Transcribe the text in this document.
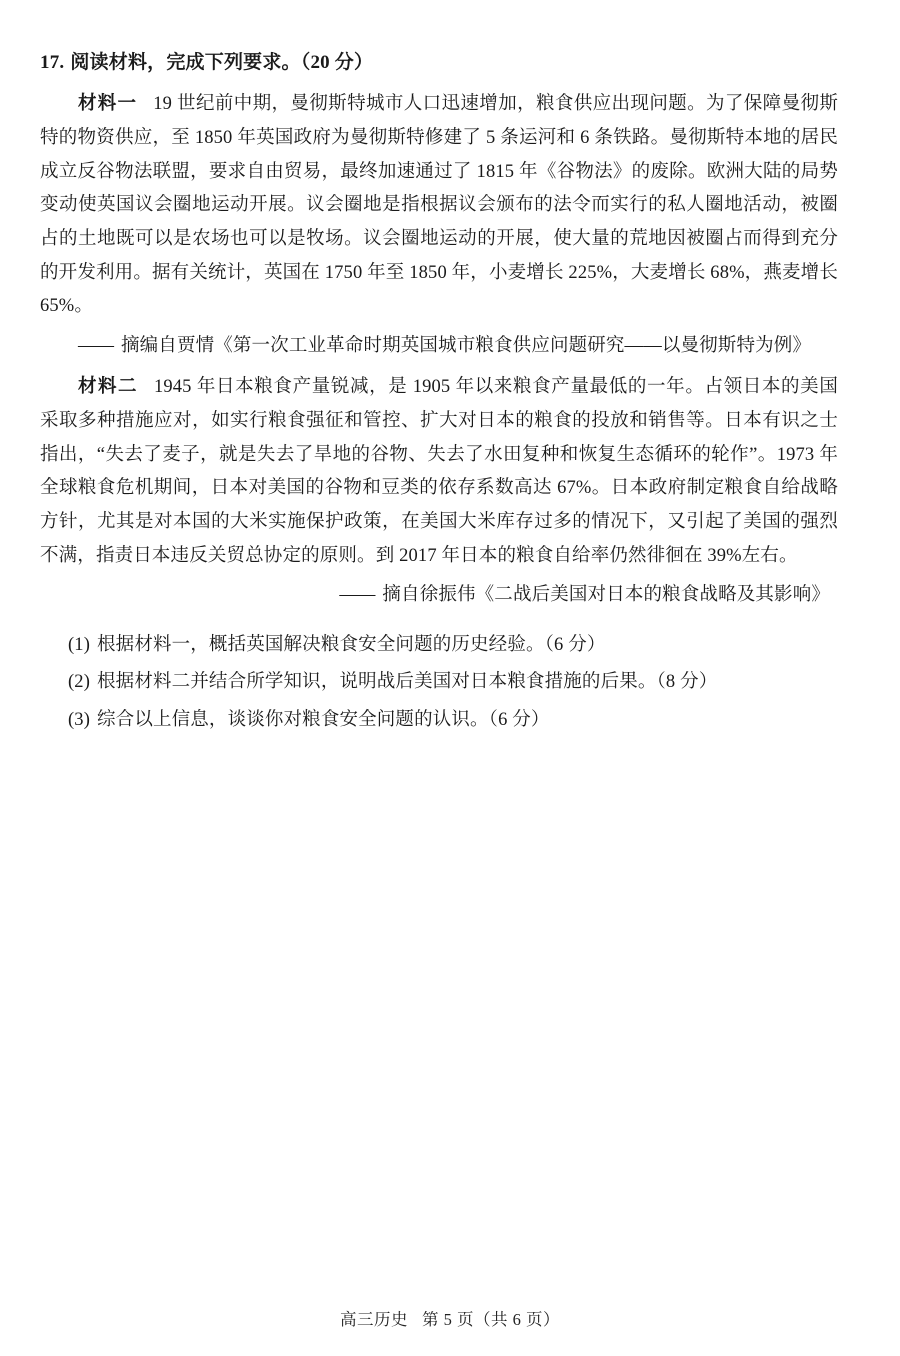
17. 阅读材料，完成下列要求。（20 分）

材料一 19 世纪前中期，曼彻斯特城市人口迅速增加，粮食供应出现问题。为了保障曼彻斯特的物资供应，至 1850 年英国政府为曼彻斯特修建了 5 条运河和 6 条铁路。曼彻斯特本地的居民成立反谷物法联盟，要求自由贸易，最终加速通过了 1815 年《谷物法》的废除。欧洲大陆的局势变动使英国议会圈地运动开展。议会圈地是指根据议会颁布的法令而实行的私人圈地活动，被圈占的土地既可以是农场也可以是牧场。议会圈地运动的开展，使大量的荒地因被圈占而得到充分的开发利用。据有关统计，英国在 1750 年至 1850 年，小麦增长 225%，大麦增长 68%，燕麦增长 65%。

—— 摘编自贾情《第一次工业革命时期英国城市粮食供应问题研究——以曼彻斯特为例》

材料二 1945 年日本粮食产量锐减，是 1905 年以来粮食产量最低的一年。占领日本的美国采取多种措施应对，如实行粮食强征和管控、扩大对日本的粮食的投放和销售等。日本有识之士指出，“失去了麦子，就是失去了旱地的谷物、失去了水田复种和恢复生态循环的轮作”。1973 年全球粮食危机期间，日本对美国的谷物和豆类的依存系数高达 67%。日本政府制定粮食自给战略方针，尤其是对本国的大米实施保护政策，在美国大米库存过多的情况下，又引起了美国的强烈不满，指责日本违反关贸总协定的原则。到 2017 年日本的粮食自给率仍然徘徊在 39%左右。

—— 摘自徐振伟《二战后美国对日本的粮食战略及其影响》

(1) 根据材料一，概括英国解决粮食安全问题的历史经验。（6 分）
(2) 根据材料二并结合所学知识，说明战后美国对日本粮食措施的后果。（8 分）
(3) 综合以上信息，谈谈你对粮食安全问题的认识。（6 分）
高三历史 第 5 页（共 6 页）
